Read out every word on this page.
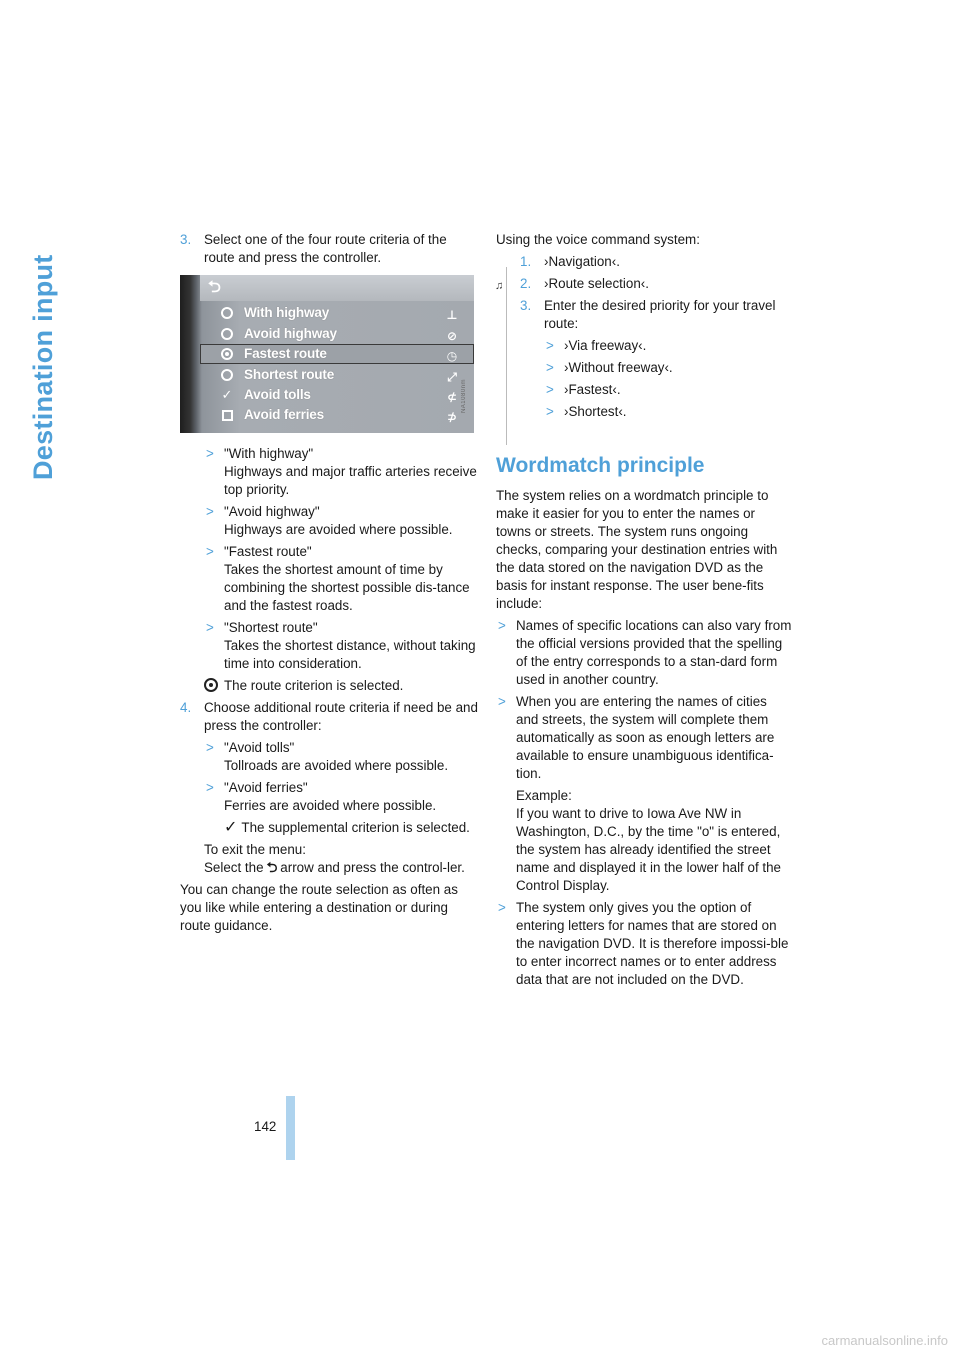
Destination input
3. Select one of the four route criteria of the route and press the controller.
⮌
With highway	⊥
Avoid highway	⊘
Fastest route	◷
Shortest route	⤢
✓ Avoid tolls	⊄
Avoid ferries	⊅
NA1080nm
> "With highway"

Highways and major traffic arteries receive top priority.

> "Avoid highway"

Highways are avoided where possible.

> "Fastest route"

Takes the shortest amount of time by combining the shortest possible dis-tance and the fastest roads.

> "Shortest route"

Takes the shortest distance, without taking time into consideration.

The route criterion is selected.

4. Choose additional route criteria if need be and press the controller:
> "Avoid tolls"

Tollroads are avoided where possible.

> "Avoid ferries"

Ferries are avoided where possible.

✓ The supplemental criterion is selected.

To exit the menu:

Select the ⮌ arrow and press the control-ler.

You can change the route selection as often as you like while entering a destination or during route guidance.

Using the voice command system:

♫
1. ›Navigation‹.
2. ›Route selection‹.
3. Enter the desired priority for your travel route:
> ›Via freeway‹.
> ›Without freeway‹.
> ›Fastest‹.
> ›Shortest‹.
Wordmatch principle

The system relies on a wordmatch principle to make it easier for you to enter the names or towns or streets. The system runs ongoing checks, comparing your destination entries with the data stored on the navigation DVD as the basis for instant response. The user bene-fits include:

> Names of specific locations can also vary from the official versions provided that the spelling of the entry corresponds to a stan-dard form used in another country.

> When you are entering the names of cities and streets, the system will complete them automatically as soon as enough letters are available to ensure unambiguous identifica-tion.

Example:

If you want to drive to Iowa Ave NW in Washington, D.C., by the time "o" is entered, the system has already identified the street name and displayed it in the lower half of the Control Display.

> The system only gives you the option of entering letters for names that are stored on the navigation DVD. It is therefore impossi-ble to enter incorrect names or to enter address data that are not included on the DVD.

142
carmanualsonline.info
